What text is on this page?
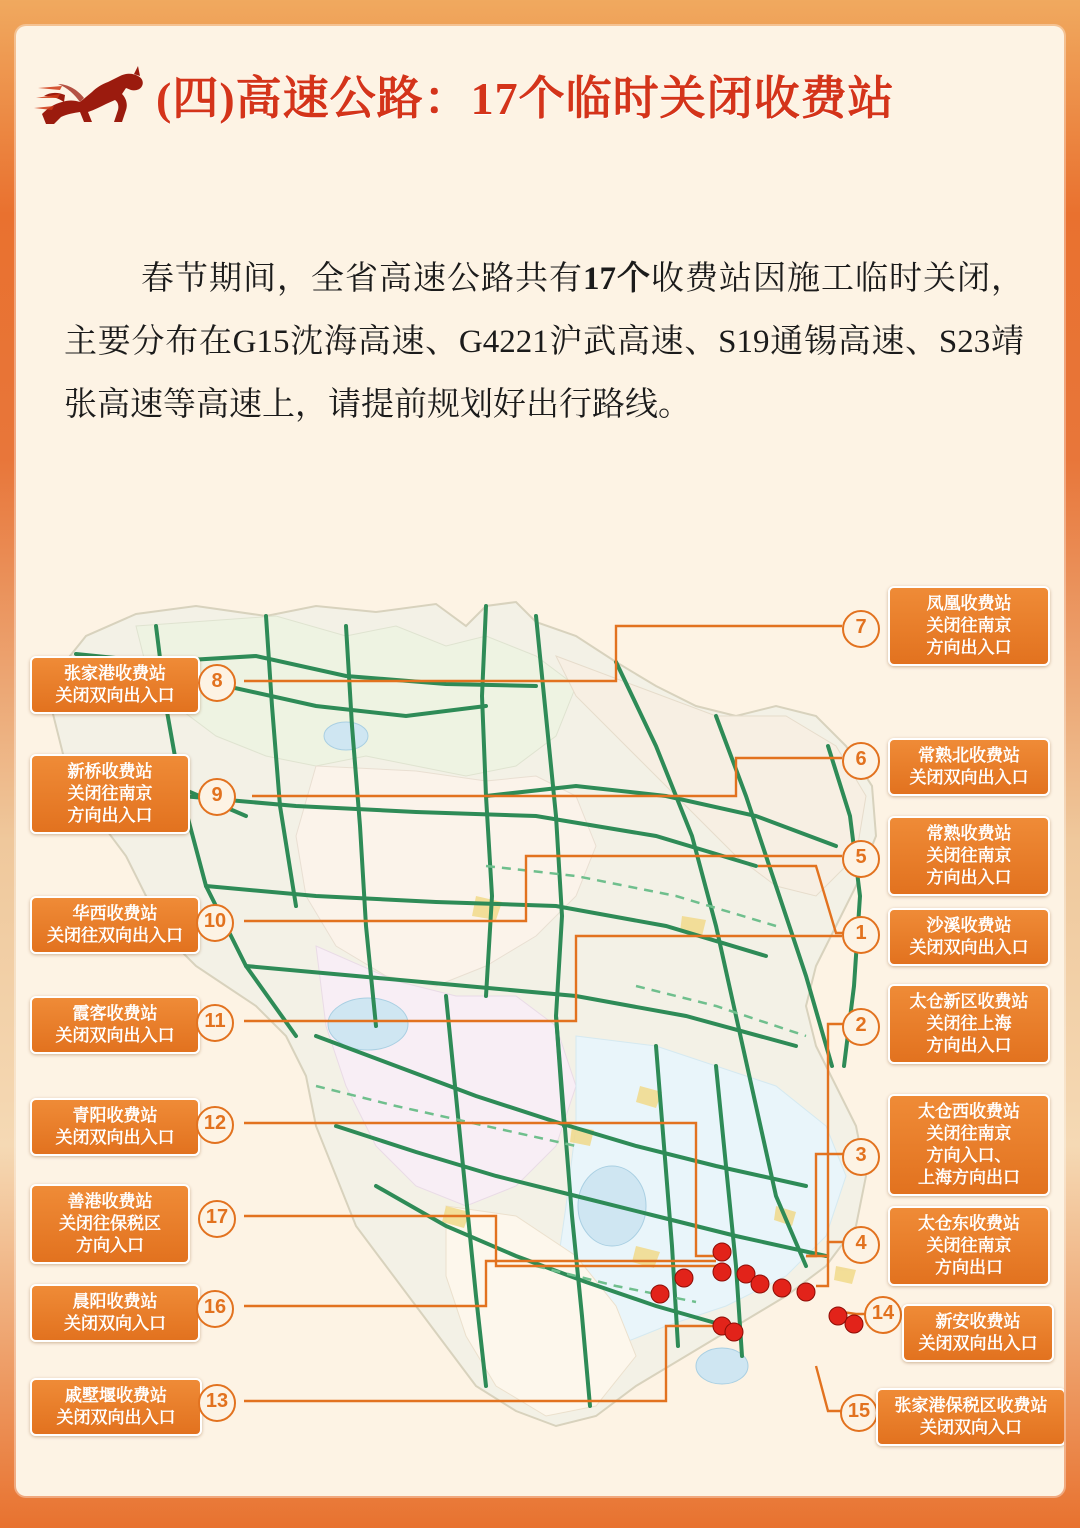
(四)高速公路：17个临时关闭收费站
春节期间，全省高速公路共有17个收费站因施工临时关闭，主要分布在G15沈海高速、G4221沪武高速、S19通锡高速、S23靖张高速等高速上，请提前规划好出行路线。
张家港收费站
关闭双向出入口
8
新桥收费站
关闭往南京
方向出入口
9
华西收费站
关闭往双向出入口
10
霞客收费站
关闭双向出入口
11
青阳收费站
关闭双向出入口
12
善港收费站
关闭往保税区
方向入口
17
晨阳收费站
关闭双向入口
16
戚墅堰收费站
关闭双向出入口
13
7
凤凰收费站
关闭往南京
方向出入口
6	常熟北收费站
关闭双向出入口
5
常熟收费站
关闭往南京
方向出入口
1	沙溪收费站
关闭双向出入口
2
太仓新区收费站
关闭往上海
方向出入口
3
太仓西收费站
关闭往南京
方向入口、
上海方向出口
4
太仓东收费站
关闭往南京
方向出口
14	新安收费站
关闭双向出入口
15	张家港保税区收费站
关闭双向入口
